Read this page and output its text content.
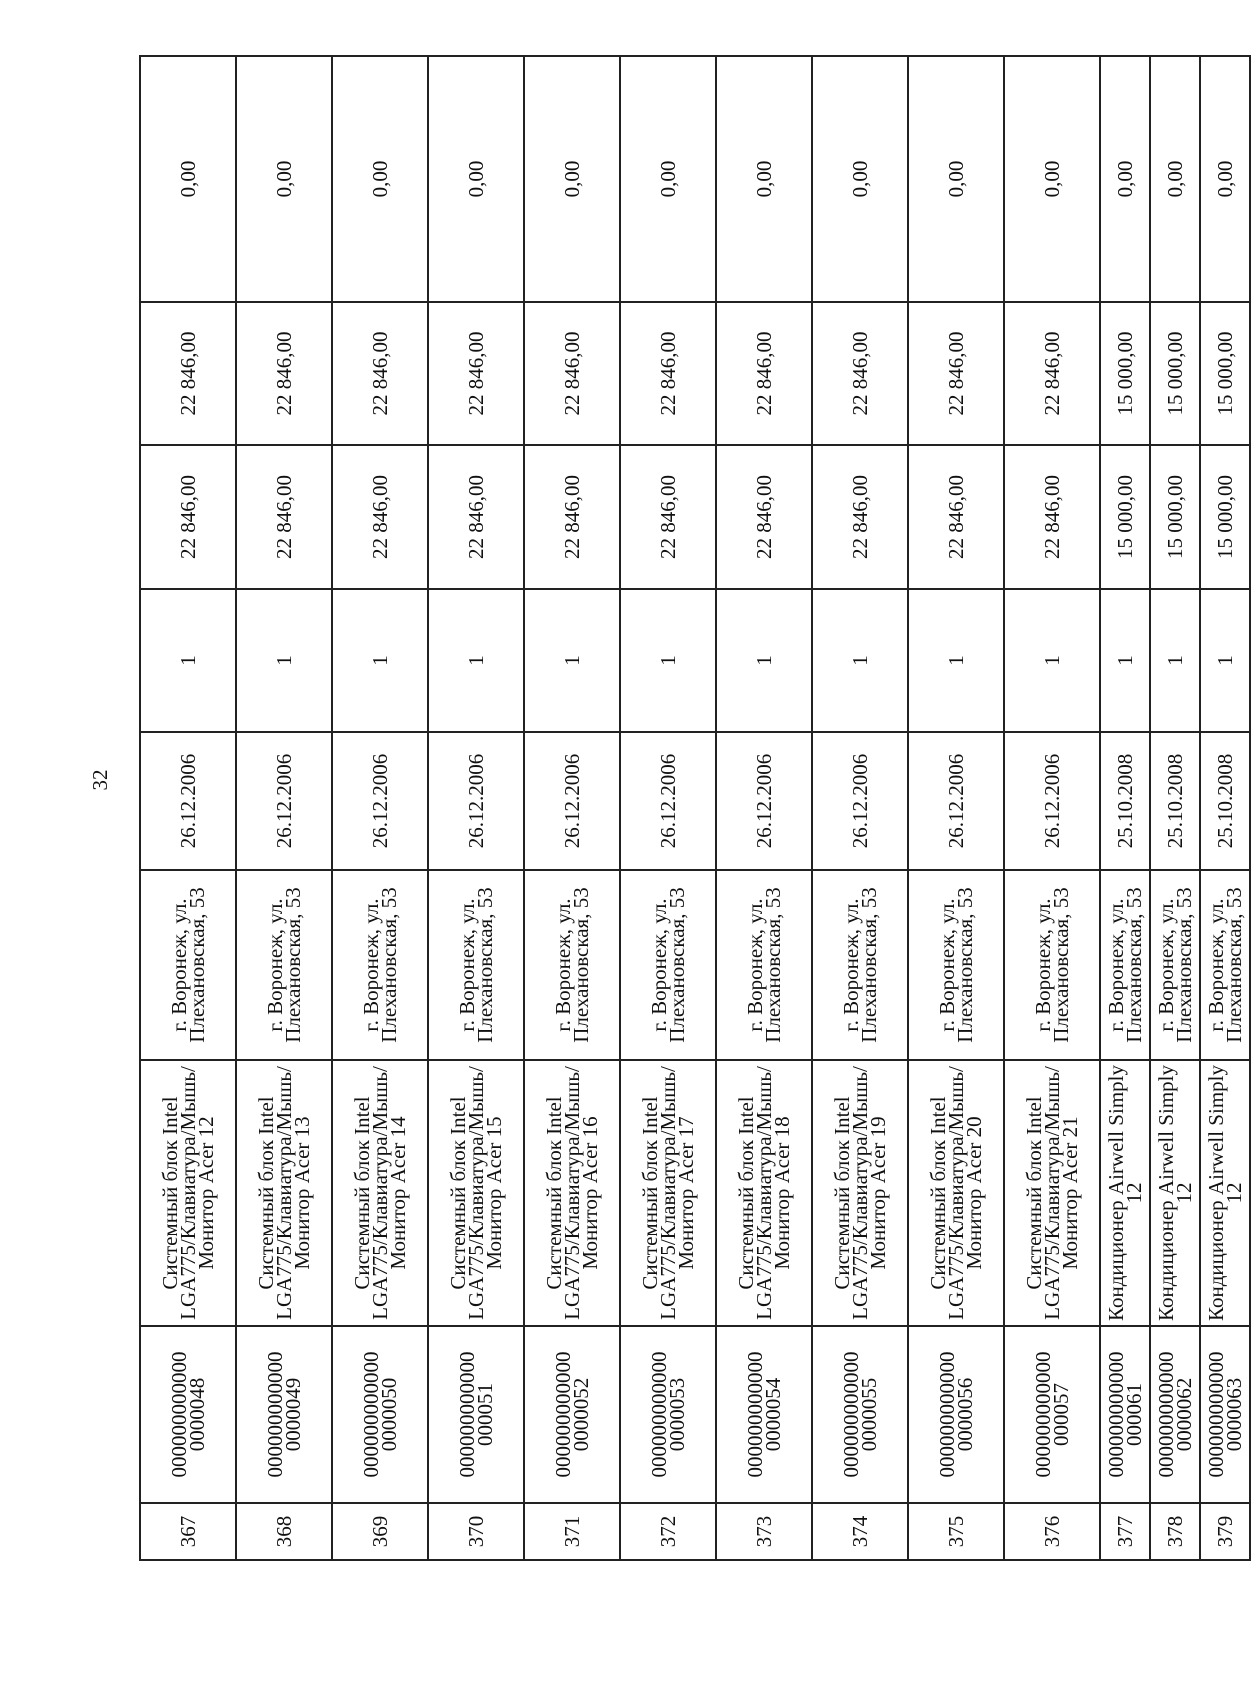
32
367	000000000000
0000048	Системный блок Intel
LGA775/Клавиатура/Мышь/
Монитор Acer 12	г. Воронеж, ул.
Плехановская, 53	26.12.2006	1	22 846,00	22 846,00	0,00

368	000000000000
0000049	Системный блок Intel
LGA775/Клавиатура/Мышь/
Монитор Acer 13	г. Воронеж, ул.
Плехановская, 53	26.12.2006	1	22 846,00	22 846,00	0,00

369	000000000000
0000050	Системный блок Intel
LGA775/Клавиатура/Мышь/
Монитор Acer 14	г. Воронеж, ул.
Плехановская, 53	26.12.2006	1	22 846,00	22 846,00	0,00

370	000000000000
000051	Системный блок Intel
LGA775/Клавиатура/Мышь/
Монитор Acer 15	г. Воронеж, ул.
Плехановская, 53	26.12.2006	1	22 846,00	22 846,00	0,00

371	000000000000
0000052	Системный блок Intel
LGA775/Клавиатура/Мышь/
Монитор Acer 16	г. Воронеж, ул.
Плехановская, 53	26.12.2006	1	22 846,00	22 846,00	0,00

372	000000000000
0000053	Системный блок Intel
LGA775/Клавиатура/Мышь/
Монитор Acer 17	г. Воронеж, ул.
Плехановская, 53	26.12.2006	1	22 846,00	22 846,00	0,00

373	000000000000
0000054	Системный блок Intel
LGA775/Клавиатура/Мышь/
Монитор Acer 18	г. Воронеж, ул.
Плехановская, 53	26.12.2006	1	22 846,00	22 846,00	0,00

374	000000000000
0000055	Системный блок Intel
LGA775/Клавиатура/Мышь/
Монитор Acer 19	г. Воронеж, ул.
Плехановская, 53	26.12.2006	1	22 846,00	22 846,00	0,00

375	000000000000
0000056	Системный блок Intel
LGA775/Клавиатура/Мышь/
Монитор Acer 20	г. Воронеж, ул.
Плехановская, 53	26.12.2006	1	22 846,00	22 846,00	0,00

376	000000000000
000057	Системный блок Intel
LGA775/Клавиатура/Мышь/
Монитор Acer 21	г. Воронеж, ул.
Плехановская, 53	26.12.2006	1	22 846,00	22 846,00	0,00

377	000000000000
000061	Кондиционер Airwell Simply
12	г. Воронеж, ул.
Плехановская, 53	25.10.2008	1	15 000,00	15 000,00	0,00

378	000000000000
0000062	Кондиционер Airwell Simply
12	г. Воронеж, ул.
Плехановская, 53	25.10.2008	1	15 000,00	15 000,00	0,00

379	000000000000
0000063	Кондиционер Airwell Simply
12	г. Воронеж, ул.
Плехановская, 53	25.10.2008	1	15 000,00	15 000,00	0,00
